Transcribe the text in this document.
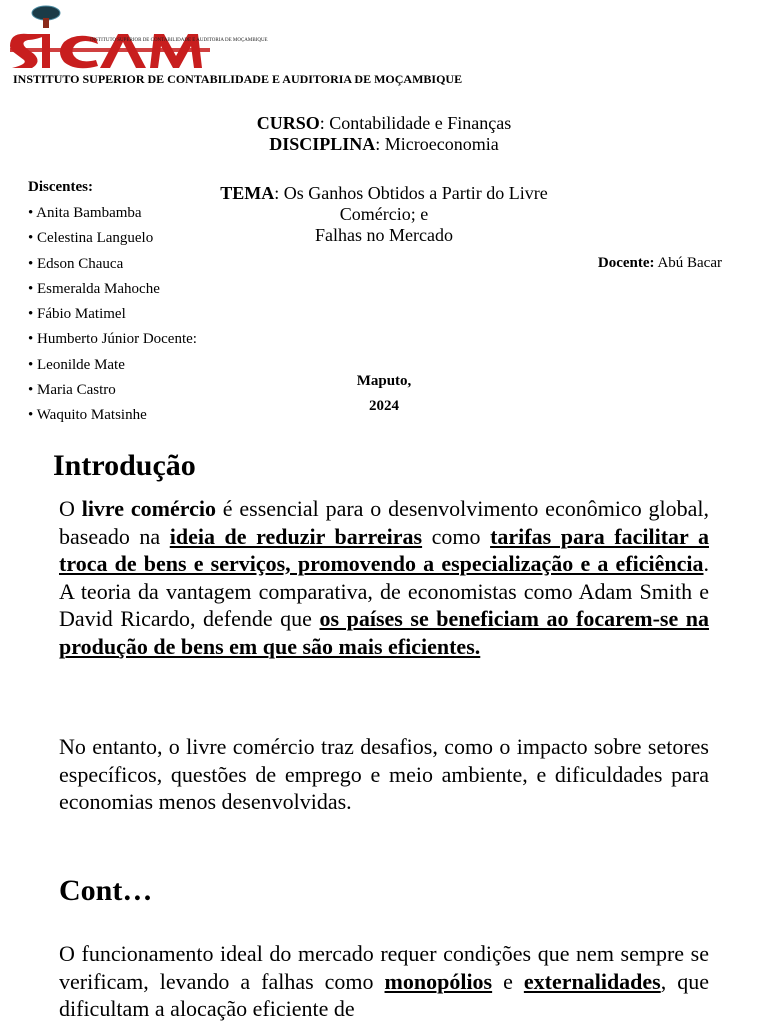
INSTITUTO SUPERIOR DE CONTABILIDADE E AUDITORIA DE MOÇAMBIQUE
INSTITUTO SUPERIOR DE CONTABILIDADE E AUDITORIA DE MOÇAMBIQUE
CURSO: Contabilidade e Finanças
DISCIPLINA: Microeconomia
Discentes:
• Anita Bambamba
• Celestina Languelo
• Edson Chauca
• Esmeralda Mahoche
• Fábio Matimel
• Humberto Júnior Docente:
• Leonilde Mate
• Maria Castro
• Waquito Matsinhe
TEMA: Os Ganhos Obtidos a Partir do Livre
Comércio; e
Falhas no Mercado
Docente: Abú Bacar
Maputo,
2024
Introdução
O livre comércio é essencial para o desenvolvimento econômico global, baseado na ideia de reduzir barreiras como tarifas para facilitar a troca de bens e serviços, promovendo a especialização e a eficiência. A teoria da vantagem comparativa, de economistas como Adam Smith e David Ricardo, defende que os países se beneficiam ao focarem-se na produção de bens em que são mais eficientes.
No entanto, o livre comércio traz desafios, como o impacto sobre setores específicos, questões de emprego e meio ambiente, e dificuldades para economias menos desenvolvidas.
Cont…
O funcionamento ideal do mercado requer condições que nem sempre se verificam, levando a falhas como monopólios e externalidades, que dificultam a alocação eficiente de
